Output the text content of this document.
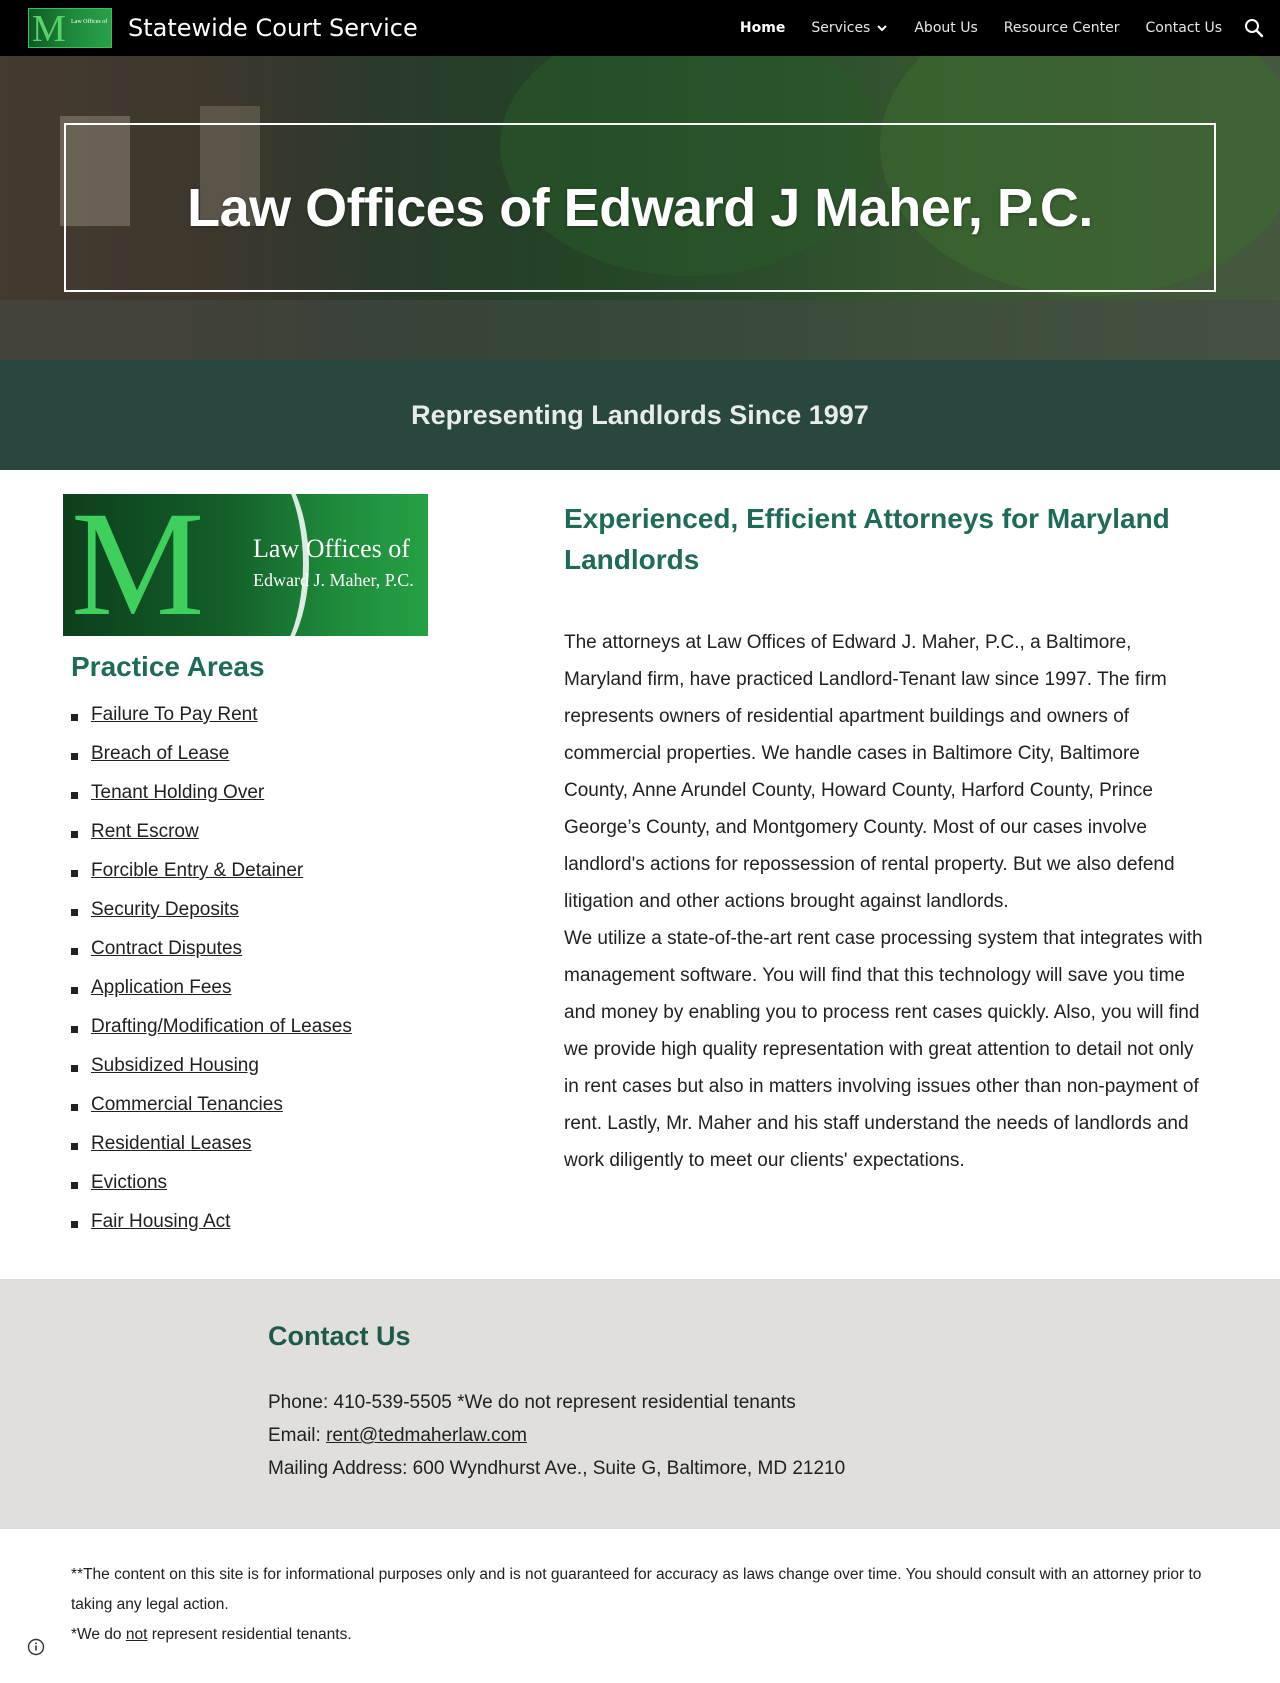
M Law Offices of Statewide Court Service	Home Services	About Us Resource Center Contact Us
Law Offices of Edward J Maher, P.C.
Representing Landlords Since 1997
M Law Offices of
Edward J. Maher, P.C.
Practice Areas
Failure To Pay Rent
Breach of Lease
Tenant Holding Over
Rent Escrow
Forcible Entry & Detainer
Security Deposits
Contract Disputes
Application Fees
Drafting/Modification of Leases
Subsidized Housing
Commercial Tenancies
Residential Leases
Evictions
Fair Housing Act
Experienced, Efficient Attorneys for Maryland Landlords

The attorneys at Law Offices of Edward J. Maher, P.C., a Baltimore, Maryland firm, have practiced Landlord-Tenant law since 1997. The firm represents owners of residential apartment buildings and owners of commercial properties. We handle cases in Baltimore City, Baltimore County, Anne Arundel County, Howard County, Harford County, Prince George’s County, and Montgomery County. Most of our cases involve landlord's actions for repossession of rental property. But we also defend litigation and other actions brought against landlords.

We utilize a state-of-the-art rent case processing system that integrates with management software. You will find that this technology will save you time and money by enabling you to process rent cases quickly. Also, you will find we provide high quality representation with great attention to detail not only in rent cases but also in matters involving issues other than non-payment of rent. Lastly, Mr. Maher and his staff understand the needs of landlords and work diligently to meet our clients' expectations.

Contact Us
Phone: 410-539-5505 *We do not represent residential tenants
Email: rent@tedmaherlaw.com
Mailing Address: 600 Wyndhurst Ave., Suite G, Baltimore, MD 21210

**The content on this site is for informational purposes only and is not guaranteed for accuracy as laws change over time. You should consult with an attorney prior to taking any legal action.

*We do not represent residential tenants.
